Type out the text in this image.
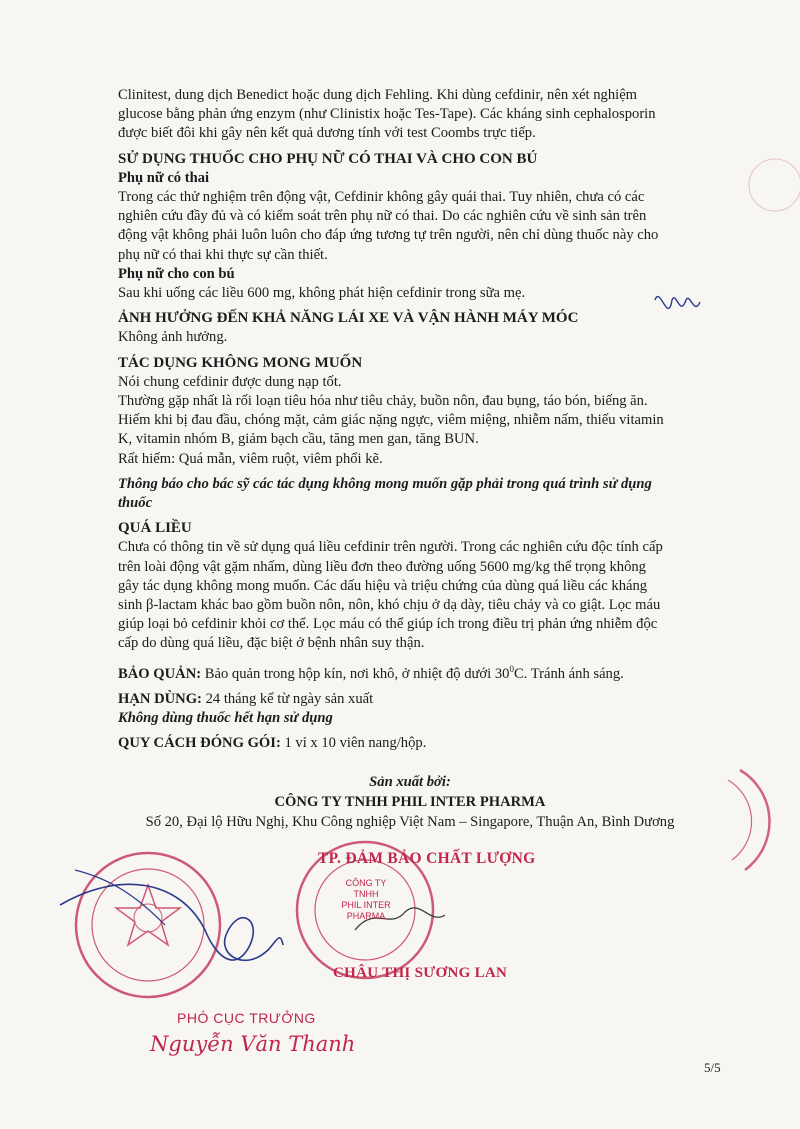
Clinitest, dung dịch Benedict hoặc dung dịch Fehling. Khi dùng cefdinir, nên xét nghiệm

glucose bằng phản ứng enzym (như Clinistix hoặc Tes-Tape). Các kháng sinh cephalosporin

được biết đôi khi gây nên kết quả dương tính với test Coombs trực tiếp.

SỬ DỤNG THUỐC CHO PHỤ NỮ CÓ THAI VÀ CHO CON BÚ

Phụ nữ có thai

Trong các thử nghiệm trên động vật, Cefdinir không gây quái thai. Tuy nhiên, chưa có các

nghiên cứu đầy đủ và có kiểm soát trên phụ nữ có thai. Do các nghiên cứu về sinh sản trên

động vật không phải luôn luôn cho đáp ứng tương tự trên người, nên chỉ dùng thuốc này cho

phụ nữ có thai khi thực sự cần thiết.

Phụ nữ cho con bú

Sau khi uống các liều 600 mg, không phát hiện cefdinir trong sữa mẹ.

ẢNH HƯỞNG ĐẾN KHẢ NĂNG LÁI XE VÀ VẬN HÀNH MÁY MÓC

Không ảnh hưởng.

TÁC DỤNG KHÔNG MONG MUỐN

Nói chung cefdinir được dung nạp tốt.

Thường gặp nhất là rối loạn tiêu hóa như tiêu chảy, buồn nôn, đau bụng, táo bón, biếng ăn.

Hiếm khi bị đau đầu, chóng mặt, cảm giác nặng ngực, viêm miệng, nhiễm nấm, thiếu vitamin

K, vitamin nhóm B, giảm bạch cầu, tăng men gan, tăng BUN.

Rất hiếm: Quá mẫn, viêm ruột, viêm phổi kẽ.

Thông báo cho bác sỹ các tác dụng không mong muốn gặp phải trong quá trình sử dụng

thuốc

QUÁ LIỀU

Chưa có thông tin về sử dụng quá liều cefdinir trên người. Trong các nghiên cứu độc tính cấp

trên loài động vật gặm nhấm, dùng liều đơn theo đường uống 5600 mg/kg thể trọng không

gây tác dụng không mong muốn. Các dấu hiệu và triệu chứng của dùng quá liều các kháng

sinh β-lactam khác bao gồm buồn nôn, nôn, khó chịu ở dạ dày, tiêu chảy và co giật. Lọc máu

giúp loại bỏ cefdinir khỏi cơ thể. Lọc máu có thể giúp ích trong điều trị phản ứng nhiễm độc

cấp do dùng quá liều, đặc biệt ở bệnh nhân suy thận.

BẢO QUẢN: Bảo quản trong hộp kín, nơi khô, ở nhiệt độ dưới $30^0C$. Tránh ánh sáng.

HẠN DÙNG: 24 tháng kể từ ngày sản xuất

Không dùng thuốc hết hạn sử dụng

QUY CÁCH ĐÓNG GÓI: 1 vỉ x 10 viên nang/hộp.

Sản xuất bởi:
CÔNG TY TNHH PHIL INTER PHARMA
Số 20, Đại lộ Hữu Nghị, Khu Công nghiệp Việt Nam – Singapore, Thuận An, Bình Dương
TP. ĐẢM BẢO CHẤT LƯỢNG
CÔNG TY
TNHH
PHIL INTER
PHARMA
CHÂU THỊ SƯƠNG LAN
PHÓ CỤC TRƯỞNG
Nguyễn Văn Thanh
5/5
